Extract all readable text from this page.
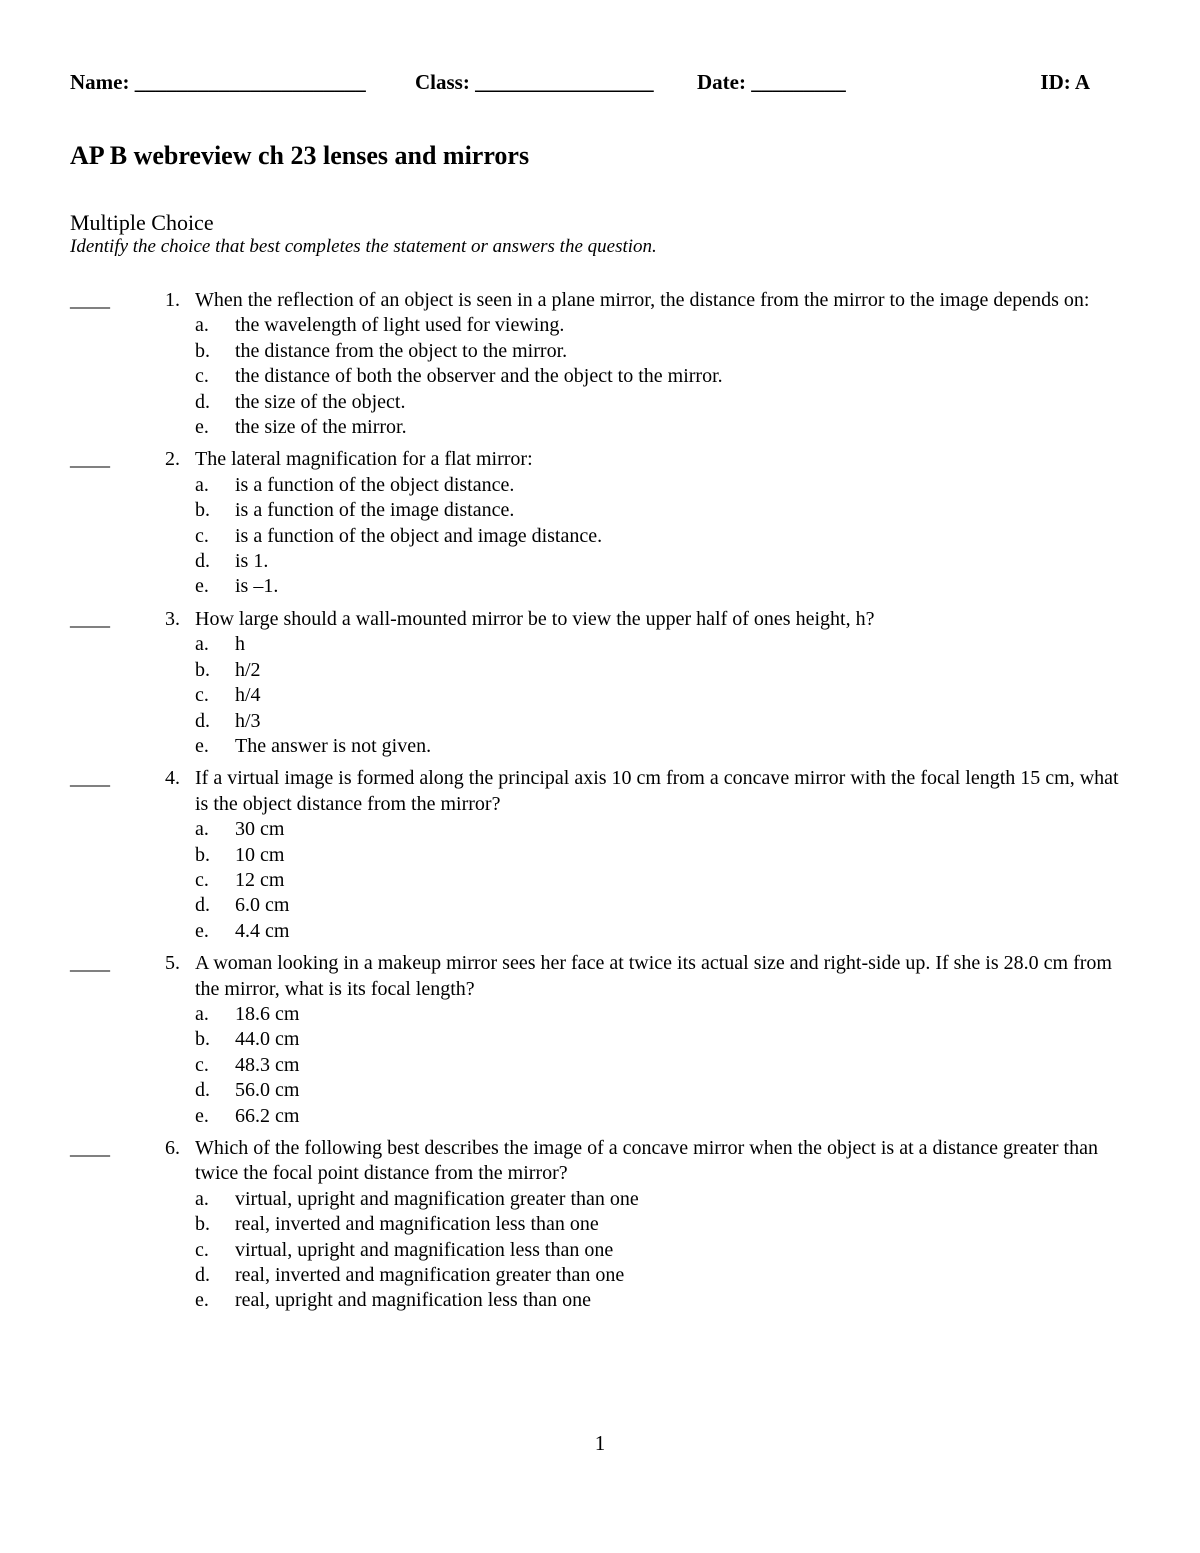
Name: ______________________ Class: _________________ Date: _________	ID: A
AP B webreview ch 23 lenses and mirrors
Multiple Choice

Identify the choice that best completes the statement or answers the question.

____	1. When the reflection of an object is seen in a plane mirror, the distance from the mirror to the image depends on:
a. the wavelength of light used for viewing.
b. the distance from the object to the mirror.
c. the distance of both the observer and the object to the mirror.
d. the size of the object.
e. the size of the mirror.
____	2. The lateral magnification for a flat mirror:
a. is a function of the object distance.
b. is a function of the image distance.
c. is a function of the object and image distance.
d. is 1.
e. is –1.
____	3. How large should a wall-mounted mirror be to view the upper half of ones height, h?
a. h
b. h/2
c. h/4
d. h/3
e. The answer is not given.
____	4. If a virtual image is formed along the principal axis 10 cm from a concave mirror with the focal length 15 cm, what is the object distance from the mirror?
a. 30 cm
b. 10 cm
c. 12 cm
d. 6.0 cm
e. 4.4 cm
____	5. A woman looking in a makeup mirror sees her face at twice its actual size and right-side up. If she is 28.0 cm from the mirror, what is its focal length?
a. 18.6 cm
b. 44.0 cm
c. 48.3 cm
d. 56.0 cm
e. 66.2 cm
____	6. Which of the following best describes the image of a concave mirror when the object is at a distance greater than twice the focal point distance from the mirror?
a. virtual, upright and magnification greater than one
b. real, inverted and magnification less than one
c. virtual, upright and magnification less than one
d. real, inverted and magnification greater than one
e. real, upright and magnification less than one
1
